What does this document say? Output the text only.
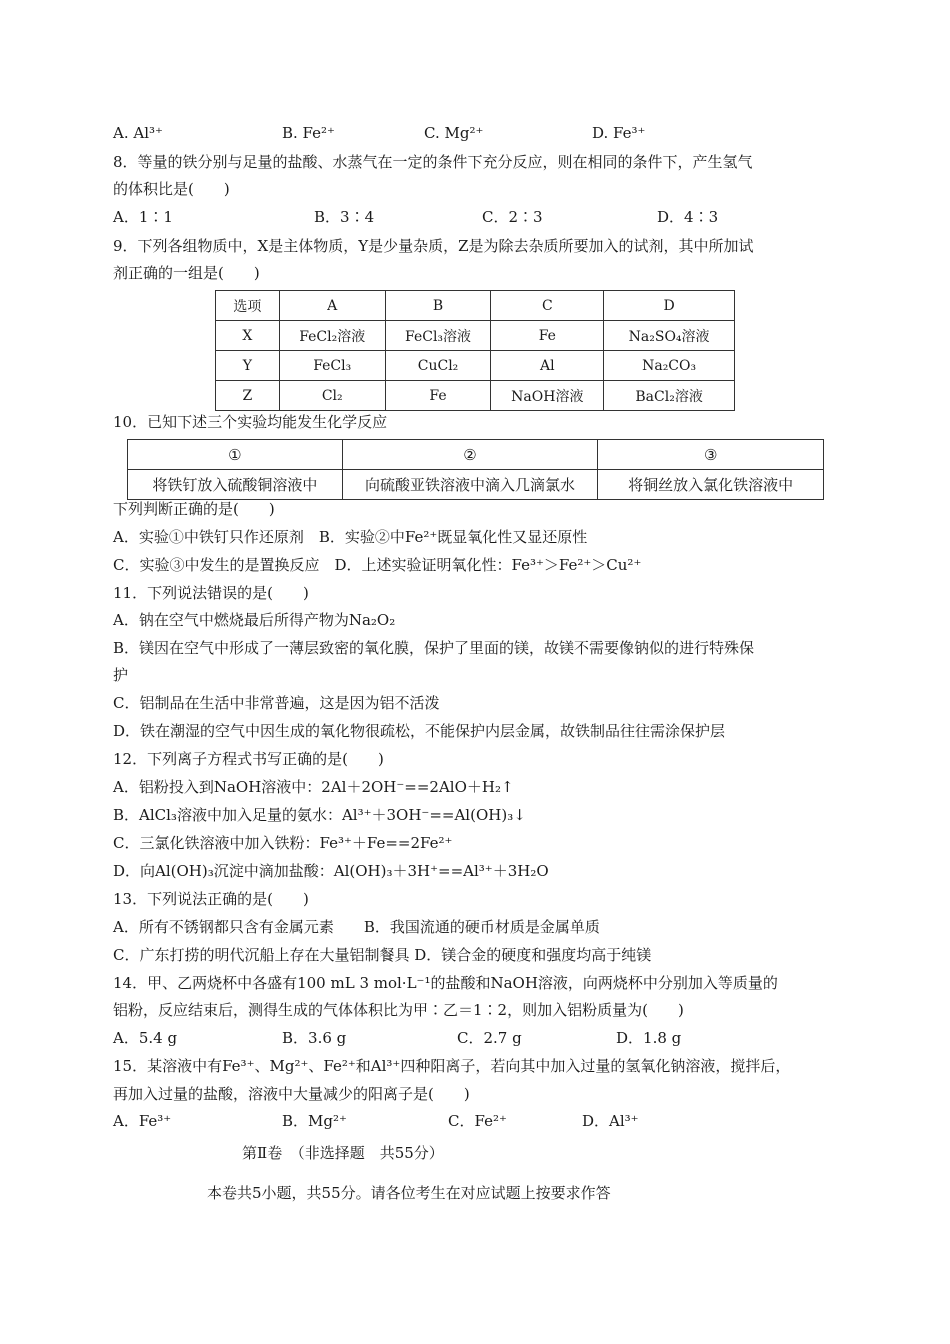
A. Al³⁺	B. Fe²⁺	C. Mg²⁺	D. Fe³⁺
8．等量的铁分别与足量的盐酸、水蒸气在一定的条件下充分反应，则在相同的条件下，产生氢气
的体积比是(　　)
A．1∶1	B．3∶4	C．2∶3	D．4∶3
9．下列各组物质中，X是主体物质，Y是少量杂质，Z是为除去杂质所要加入的试剂，其中所加试
剂正确的一组是(　　)
选项	A	B	C	D
X	FeCl₂溶液	FeCl₃溶液	Fe	Na₂SO₄溶液
Y	FeCl₃	CuCl₂	Al	Na₂CO₃
Z	Cl₂	Fe	NaOH溶液	BaCl₂溶液
10．已知下述三个实验均能发生化学反应
①	②	③
将铁钉放入硫酸铜溶液中	向硫酸亚铁溶液中滴入几滴氯水	将铜丝放入氯化铁溶液中
下列判断正确的是(　　)
A．实验①中铁钉只作还原剂　B．实验②中Fe²⁺既显氧化性又显还原性
C．实验③中发生的是置换反应　D．上述实验证明氧化性：Fe³⁺＞Fe²⁺＞Cu²⁺
11．下列说法错误的是(　　)
A．钠在空气中燃烧最后所得产物为Na₂O₂
B．镁因在空气中形成了一薄层致密的氧化膜，保护了里面的镁，故镁不需要像钠似的进行特殊保
护
C．铝制品在生活中非常普遍，这是因为铝不活泼
D．铁在潮湿的空气中因生成的氧化物很疏松，不能保护内层金属，故铁制品往往需涂保护层
12．下列离子方程式书写正确的是(　　)
A．铝粉投入到NaOH溶液中：2Al＋2OH⁻==2AlO＋H₂↑
B．AlCl₃溶液中加入足量的氨水：Al³⁺＋3OH⁻==Al(OH)₃↓
C．三氯化铁溶液中加入铁粉：Fe³⁺＋Fe==2Fe²⁺
D．向Al(OH)₃沉淀中滴加盐酸：Al(OH)₃＋3H⁺==Al³⁺＋3H₂O
13．下列说法正确的是(　　)
A．所有不锈钢都只含有金属元素　　B．我国流通的硬币材质是金属单质
C．广东打捞的明代沉船上存在大量铝制餐具 D．镁合金的硬度和强度均高于纯镁
14．甲、乙两烧杯中各盛有100 mL 3 mol·L⁻¹的盐酸和NaOH溶液，向两烧杯中分别加入等质量的
铝粉，反应结束后，测得生成的气体体积比为甲∶乙＝1∶2，则加入铝粉质量为(　　)
A．5.4 g	B．3.6 g	C．2.7 g	D．1.8 g
15．某溶液中有Fe³⁺、Mg²⁺、Fe²⁺和Al³⁺四种阳离子，若向其中加入过量的氢氧化钠溶液，搅拌后，
再加入过量的盐酸，溶液中大量减少的阳离子是(　　)
A．Fe³⁺	B．Mg²⁺	C．Fe²⁺	D．Al³⁺
第Ⅱ卷　（非选择题　共55分）
本卷共5小题，共55分。请各位考生在对应试题上按要求作答
